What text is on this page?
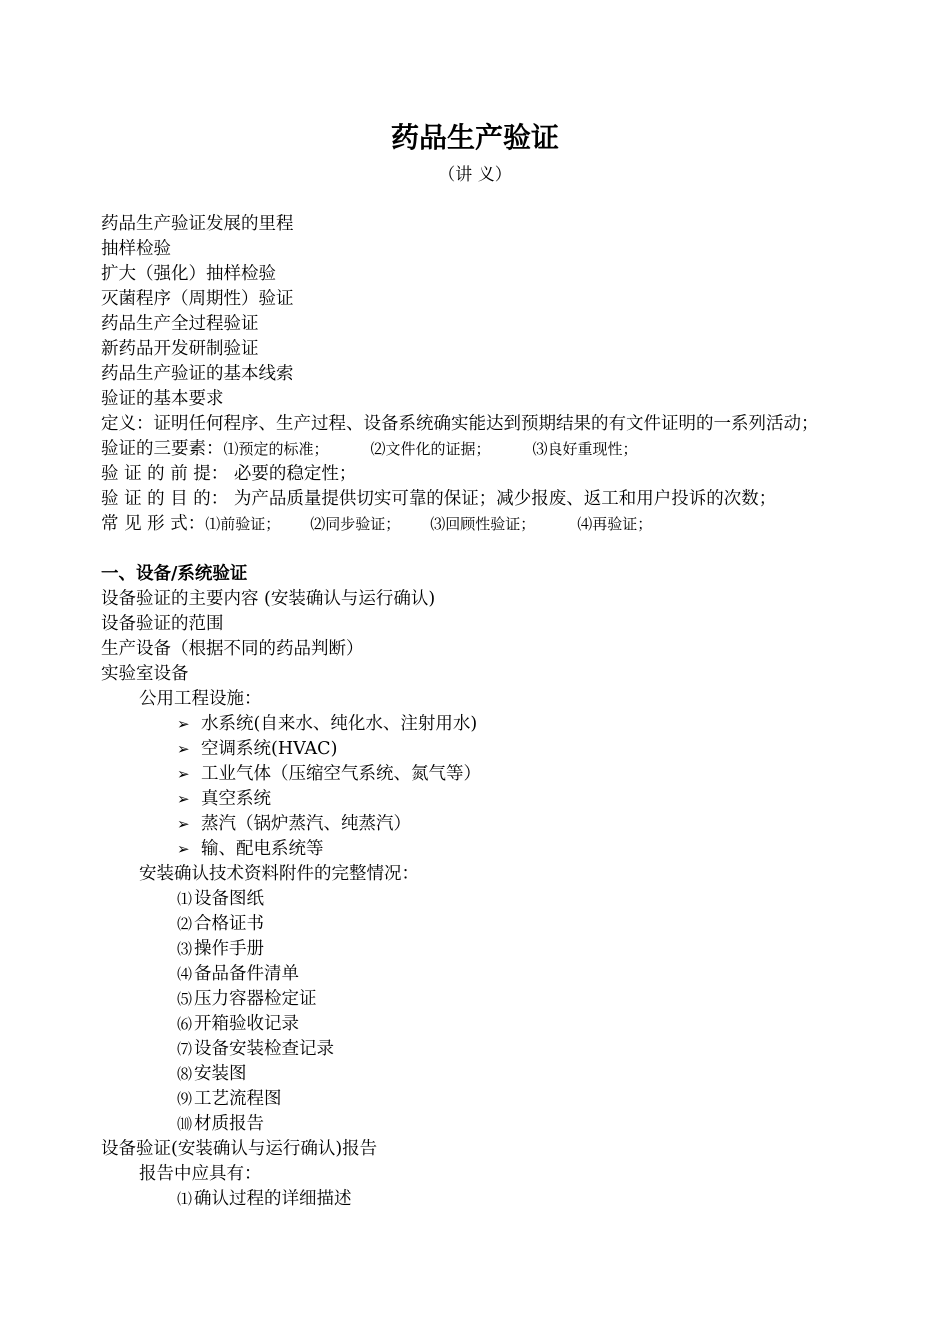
药品生产验证
（讲 义）
药品生产验证发展的里程
抽样检验
扩大（强化）抽样检验
灭菌程序（周期性）验证
药品生产全过程验证
新药品开发研制验证
药品生产验证的基本线索
验证的基本要求
定义：证明任何程序、生产过程、设备系统确实能达到预期结果的有文件证明的一系列活动；
验证的三要素：⑴预定的标准；	⑵文件化的证据；	⑶良好重现性；
验 证 的 前 提： 必要的稳定性；
验 证 的 目 的： 为产品质量提供切实可靠的保证；减少报废、返工和用户投诉的次数；
常 见 形 式：⑴前验证； ⑵同步验证； ⑶回顾性验证；	⑷再验证；
一、设备/系统验证
设备验证的主要内容 (安装确认与运行确认)
设备验证的范围
生产设备（根据不同的药品判断）
实验室设备
公用工程设施：
➢ 水系统(自来水、纯化水、注射用水)
➢ 空调系统(HVAC)
➢ 工业气体（压缩空气系统、氮气等）
➢ 真空系统
➢ 蒸汽（锅炉蒸汽、纯蒸汽）
➢ 输、配电系统等
安装确认技术资料附件的完整情况：
⑴ 设备图纸
⑵ 合格证书
⑶ 操作手册
⑷ 备品备件清单
⑸ 压力容器检定证
⑹ 开箱验收记录
⑺ 设备安装检查记录
⑻ 安装图
⑼ 工艺流程图
⑽ 材质报告
设备验证(安装确认与运行确认)报告
报告中应具有：
⑴ 确认过程的详细描述
